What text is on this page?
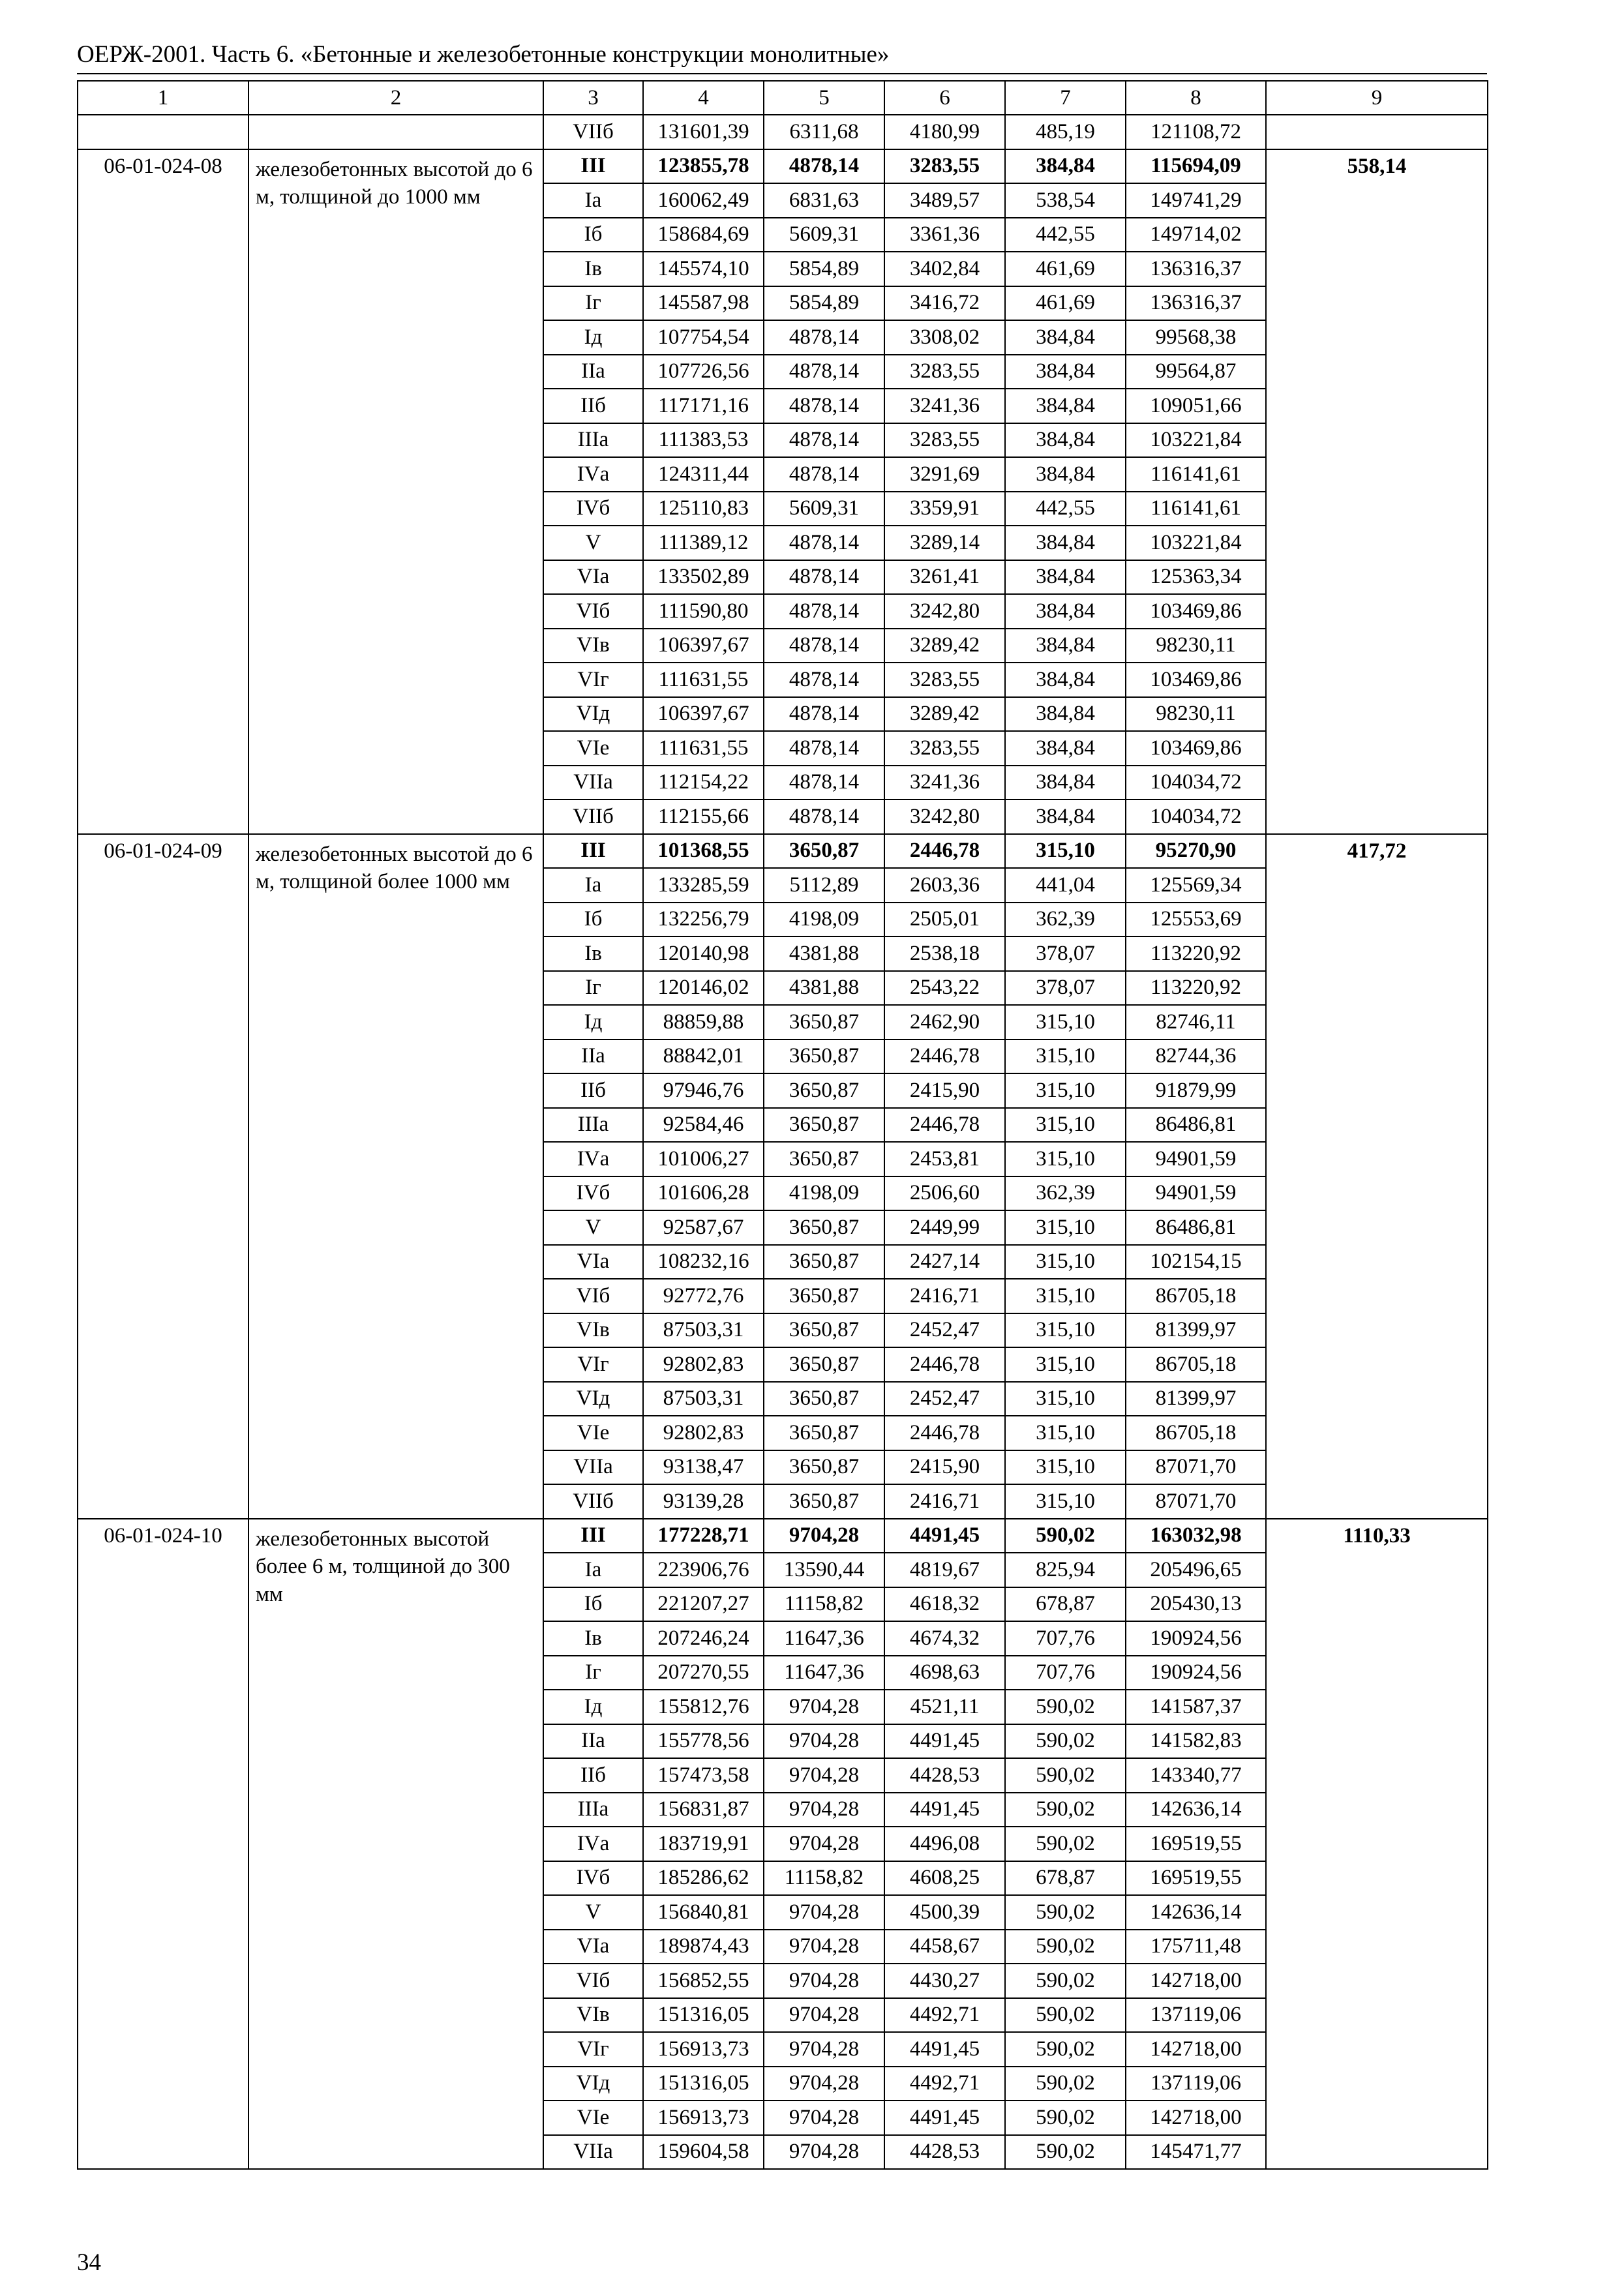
ОЕРЖ-2001. Часть 6. «Бетонные и железобетонные конструкции монолитные»
1	2	3	4	5	6	7	8	9
		VIIб	131601,39	6311,68	4180,99	485,19	121108,72	
06-01-024-08	железобетонных высотой до 6 м, толщиной до 1000 мм	III	123855,78	4878,14	3283,55	384,84	115694,09	558,14
		Iа	160062,49	6831,63	3489,57	538,54	149741,29	
		Iб	158684,69	5609,31	3361,36	442,55	149714,02	
		Iв	145574,10	5854,89	3402,84	461,69	136316,37	
		Iг	145587,98	5854,89	3416,72	461,69	136316,37	
		Iд	107754,54	4878,14	3308,02	384,84	99568,38	
		IIа	107726,56	4878,14	3283,55	384,84	99564,87	
		IIб	117171,16	4878,14	3241,36	384,84	109051,66	
		IIIа	111383,53	4878,14	3283,55	384,84	103221,84	
		IVа	124311,44	4878,14	3291,69	384,84	116141,61	
		IVб	125110,83	5609,31	3359,91	442,55	116141,61	
		V	111389,12	4878,14	3289,14	384,84	103221,84	
		VIа	133502,89	4878,14	3261,41	384,84	125363,34	
		VIб	111590,80	4878,14	3242,80	384,84	103469,86	
		VIв	106397,67	4878,14	3289,42	384,84	98230,11	
		VIг	111631,55	4878,14	3283,55	384,84	103469,86	
		VIд	106397,67	4878,14	3289,42	384,84	98230,11	
		VIе	111631,55	4878,14	3283,55	384,84	103469,86	
		VIIа	112154,22	4878,14	3241,36	384,84	104034,72	
		VIIб	112155,66	4878,14	3242,80	384,84	104034,72	
06-01-024-09	железобетонных высотой до 6 м, толщиной более 1000 мм	III	101368,55	3650,87	2446,78	315,10	95270,90	417,72
		Iа	133285,59	5112,89	2603,36	441,04	125569,34	
		Iб	132256,79	4198,09	2505,01	362,39	125553,69	
		Iв	120140,98	4381,88	2538,18	378,07	113220,92	
		Iг	120146,02	4381,88	2543,22	378,07	113220,92	
		Iд	88859,88	3650,87	2462,90	315,10	82746,11	
		IIа	88842,01	3650,87	2446,78	315,10	82744,36	
		IIб	97946,76	3650,87	2415,90	315,10	91879,99	
		IIIа	92584,46	3650,87	2446,78	315,10	86486,81	
		IVа	101006,27	3650,87	2453,81	315,10	94901,59	
		IVб	101606,28	4198,09	2506,60	362,39	94901,59	
		V	92587,67	3650,87	2449,99	315,10	86486,81	
		VIа	108232,16	3650,87	2427,14	315,10	102154,15	
		VIб	92772,76	3650,87	2416,71	315,10	86705,18	
		VIв	87503,31	3650,87	2452,47	315,10	81399,97	
		VIг	92802,83	3650,87	2446,78	315,10	86705,18	
		VIд	87503,31	3650,87	2452,47	315,10	81399,97	
		VIе	92802,83	3650,87	2446,78	315,10	86705,18	
		VIIа	93138,47	3650,87	2415,90	315,10	87071,70	
		VIIб	93139,28	3650,87	2416,71	315,10	87071,70	
06-01-024-10	железобетонных высотой более 6 м, толщиной до 300 мм	III	177228,71	9704,28	4491,45	590,02	163032,98	1110,33
		Iа	223906,76	13590,44	4819,67	825,94	205496,65	
		Iб	221207,27	11158,82	4618,32	678,87	205430,13	
		Iв	207246,24	11647,36	4674,32	707,76	190924,56	
		Iг	207270,55	11647,36	4698,63	707,76	190924,56	
		Iд	155812,76	9704,28	4521,11	590,02	141587,37	
		IIа	155778,56	9704,28	4491,45	590,02	141582,83	
		IIб	157473,58	9704,28	4428,53	590,02	143340,77	
		IIIа	156831,87	9704,28	4491,45	590,02	142636,14	
		IVа	183719,91	9704,28	4496,08	590,02	169519,55	
		IVб	185286,62	11158,82	4608,25	678,87	169519,55	
		V	156840,81	9704,28	4500,39	590,02	142636,14	
		VIа	189874,43	9704,28	4458,67	590,02	175711,48	
		VIб	156852,55	9704,28	4430,27	590,02	142718,00	
		VIв	151316,05	9704,28	4492,71	590,02	137119,06	
		VIг	156913,73	9704,28	4491,45	590,02	142718,00	
		VIд	151316,05	9704,28	4492,71	590,02	137119,06	
		VIе	156913,73	9704,28	4491,45	590,02	142718,00	
		VIIа	159604,58	9704,28	4428,53	590,02	145471,77	
34
